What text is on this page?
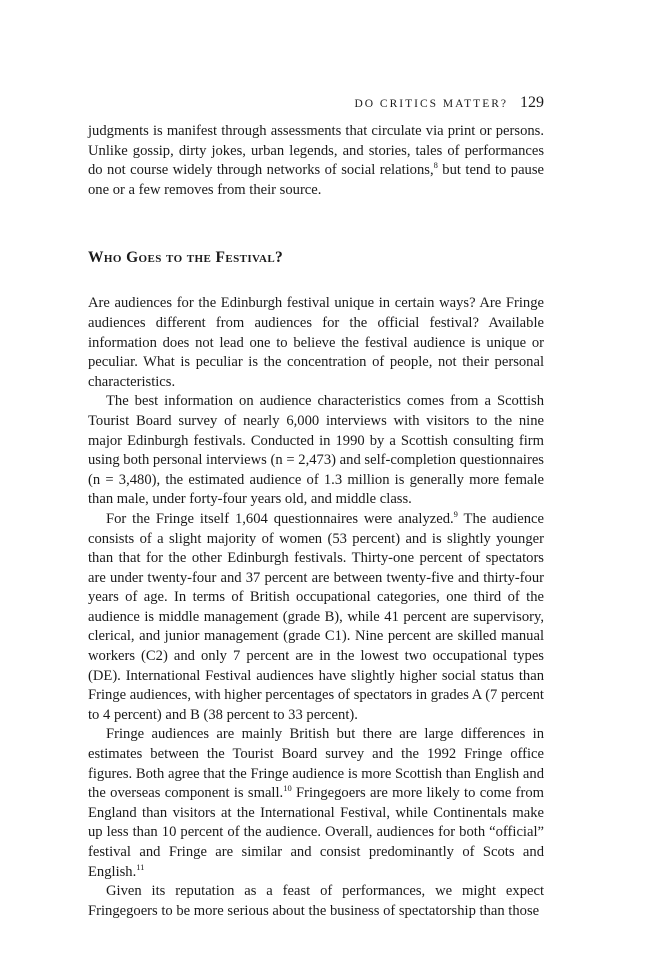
DO CRITICS MATTER? 129

judgments is manifest through assessments that circulate via print or persons. Unlike gossip, dirty jokes, urban legends, and stories, tales of performances do not course widely through networks of social relations,$^8$ but tend to pause one or a few removes from their source.

Who Goes to the Festival?

Are audiences for the Edinburgh festival unique in certain ways? Are Fringe audiences different from audiences for the official festival? Available information does not lead one to believe the festival audience is unique or peculiar. What is peculiar is the concentration of people, not their personal characteristics.

The best information on audience characteristics comes from a Scottish Tourist Board survey of nearly 6,000 interviews with visitors to the nine major Edinburgh festivals. Conducted in 1990 by a Scottish consulting firm using both personal interviews (n = 2,473) and self-completion questionnaires (n = 3,480), the estimated audience of 1.3 million is generally more female than male, under forty-four years old, and middle class.

For the Fringe itself 1,604 questionnaires were analyzed.$^9$ The audience consists of a slight majority of women (53 percent) and is slightly younger than that for the other Edinburgh festivals. Thirty-one percent of spectators are under twenty-four and 37 percent are between twenty-five and thirty-four years of age. In terms of British occupational categories, one third of the audience is middle management (grade B), while 41 percent are supervisory, clerical, and junior management (grade C1). Nine percent are skilled manual workers (C2) and only 7 percent are in the lowest two occupational types (DE). International Festival audiences have slightly higher social status than Fringe audiences, with higher percentages of spectators in grades A (7 percent to 4 percent) and B (38 percent to 33 percent).

Fringe audiences are mainly British but there are large differences in estimates between the Tourist Board survey and the 1992 Fringe office figures. Both agree that the Fringe audience is more Scottish than English and the overseas component is small.$^{10}$ Fringegoers are more likely to come from England than visitors at the International Festival, while Continentals make up less than 10 percent of the audience. Overall, audiences for both “official” festival and Fringe are similar and consist predominantly of Scots and English.$^{11}$

Given its reputation as a feast of performances, we might expect Fringegoers to be more serious about the business of spectatorship than those
